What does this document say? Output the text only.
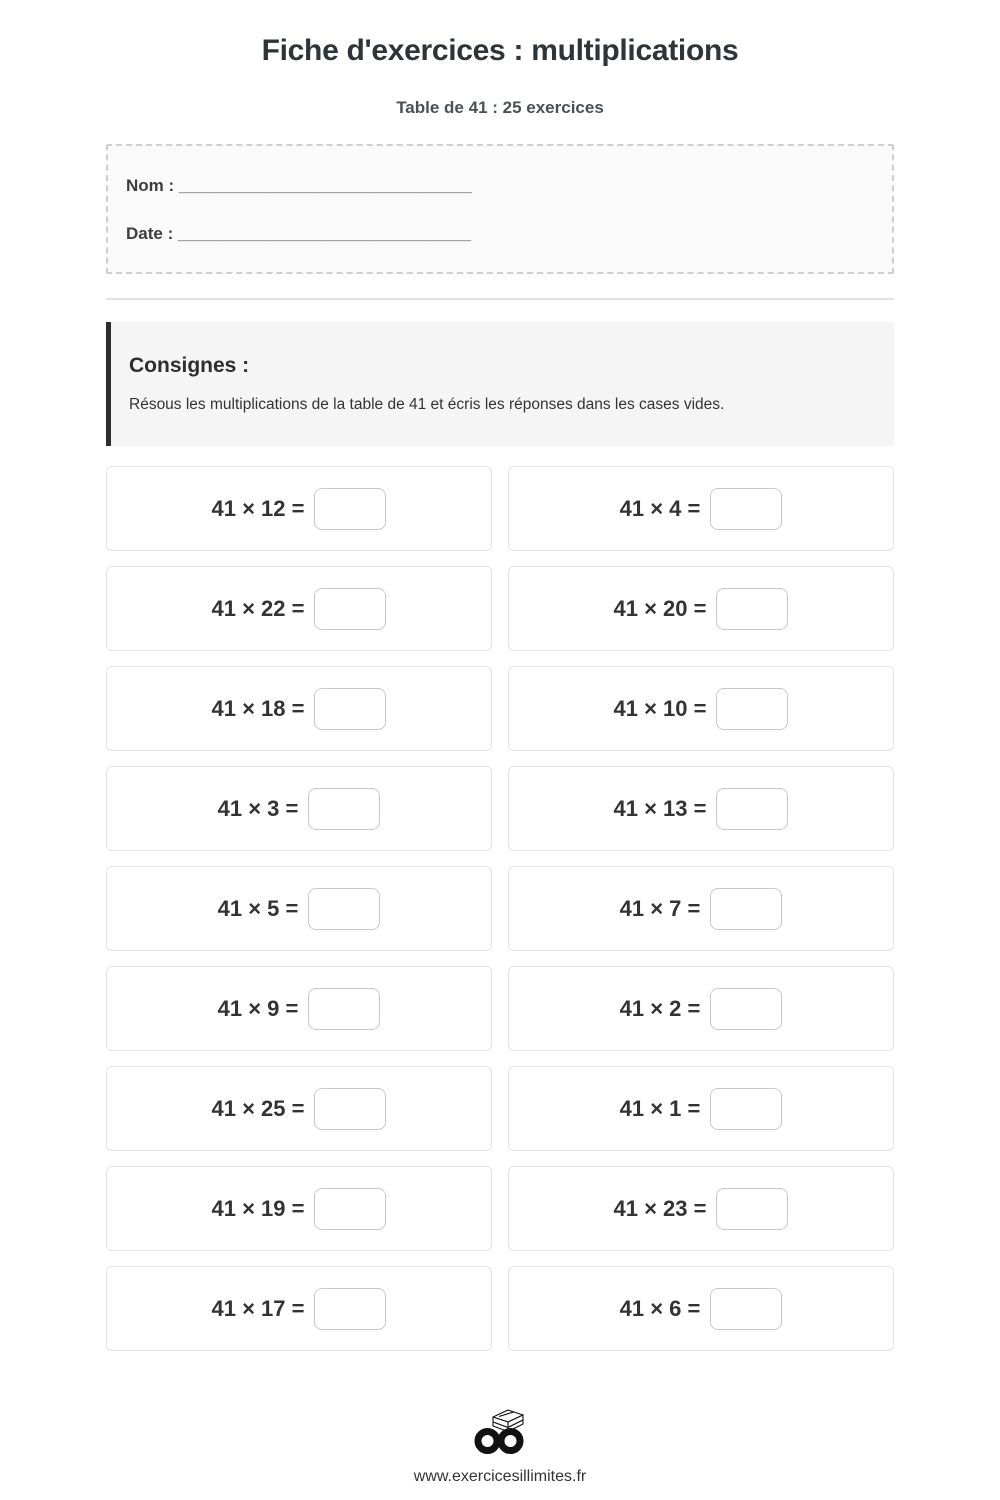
Fiche d'exercices : multiplications
Table de 41 : 25 exercices

Nom : _______________________________

Date : _______________________________

Consignes :
Résous les multiplications de la table de 41 et écris les réponses dans les cases vides.
41 × 12 =	41 × 4 =
41 × 22 =	41 × 20 =
41 × 18 =	41 × 10 =
41 × 3 =	41 × 13 =
41 × 5 =	41 × 7 =
41 × 9 =	41 × 2 =
41 × 25 =	41 × 1 =
41 × 19 =	41 × 23 =
41 × 17 =	41 × 6 =
www.exercicesillimites.fr
